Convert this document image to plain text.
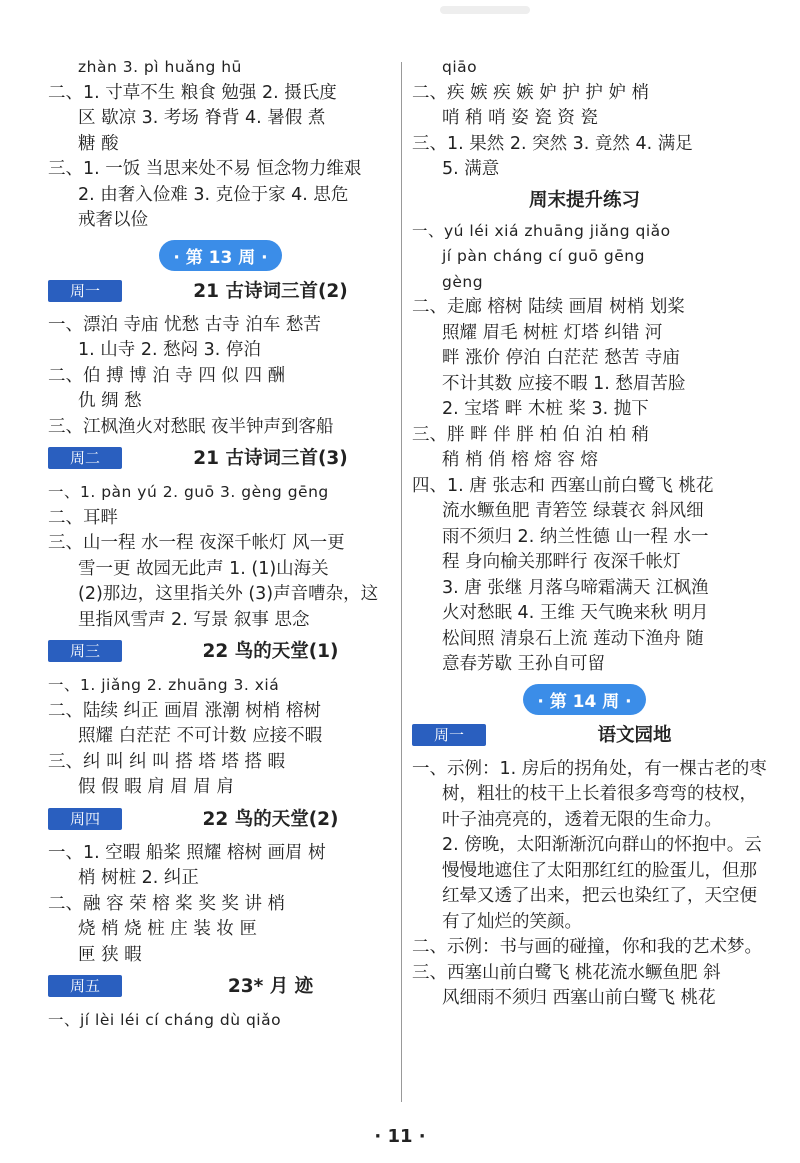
zhàn 3. pì huǎng hū

二、1. 寸草不生 粮食 勉强 2. 摄氏度

区 歇凉 3. 考场 脊背 4. 暑假 煮

糖 酸

三、1. 一饭 当思来处不易 恒念物力维艰

2. 由奢入俭难 3. 克俭于家 4. 思危

戒奢以俭

· 第 13 周 ·
周一	21 古诗词三首(2)

一、漂泊 寺庙 忧愁 古寺 泊车 愁苦

1. 山寺 2. 愁闷 3. 停泊

二、伯 搏 博 泊 寺 四 似 四 酬

仇 绸 愁

三、江枫渔火对愁眠 夜半钟声到客船

周二	21 古诗词三首(3)

一、1. pàn yú 2. guō 3. gèng gēng

二、耳畔

三、山一程 水一程 夜深千帐灯 风一更

雪一更 故园无此声 1. (1)山海关

(2)那边，这里指关外 (3)声音嘈杂，这

里指风雪声 2. 写景 叙事 思念

周三	22 鸟的天堂(1)

一、1. jiǎng 2. zhuāng 3. xiá

二、陆续 纠正 画眉 涨潮 树梢 榕树

照耀 白茫茫 不可计数 应接不暇

三、纠 叫 纠 叫 搭 塔 塔 搭 暇

假 假 暇 肩 眉 眉 肩

周四	22 鸟的天堂(2)

一、1. 空暇 船桨 照耀 榕树 画眉 树

梢 树桩 2. 纠正

二、融 容 荣 榕 桨 奖 奖 讲 梢

烧 梢 烧 桩 庄 装 妆 匣

匣 狭 暇

周五	23* 月 迹

一、jí lèi léi cí cháng dù qiǎo

qiāo

二、疾 嫉 疾 嫉 妒 护 护 妒 梢

哨 稍 哨 姿 瓷 资 瓷

三、1. 果然 2. 突然 3. 竟然 4. 满足

5. 满意

周末提升练习

一、yú léi xiá zhuāng jiǎng qiǎo

jí pàn cháng cí guō gēng

gèng

二、走廊 榕树 陆续 画眉 树梢 划桨

照耀 眉毛 树桩 灯塔 纠错 河

畔 涨价 停泊 白茫茫 愁苦 寺庙

不计其数 应接不暇 1. 愁眉苦脸

2. 宝塔 畔 木桩 桨 3. 抛下

三、胖 畔 伴 胖 柏 伯 泊 柏 稍

稍 梢 俏 榕 熔 容 熔

四、1. 唐 张志和 西塞山前白鹭飞 桃花

流水鳜鱼肥 青箬笠 绿蓑衣 斜风细

雨不须归 2. 纳兰性德 山一程 水一

程 身向榆关那畔行 夜深千帐灯

3. 唐 张继 月落乌啼霜满天 江枫渔

火对愁眠 4. 王维 天气晚来秋 明月

松间照 清泉石上流 莲动下渔舟 随

意春芳歇 王孙自可留

· 第 14 周 ·
周一	语文园地

一、示例：1. 房后的拐角处，有一棵古老的枣

树，粗壮的枝干上长着很多弯弯的枝杈，

叶子油亮亮的，透着无限的生命力。

2. 傍晚，太阳渐渐沉向群山的怀抱中。云

慢慢地遮住了太阳那红红的脸蛋儿，但那

红晕又透了出来，把云也染红了，天空便

有了灿烂的笑颜。

二、示例：书与画的碰撞，你和我的艺术梦。

三、西塞山前白鹭飞 桃花流水鳜鱼肥 斜

风细雨不须归 西塞山前白鹭飞 桃花

· 11 ·
